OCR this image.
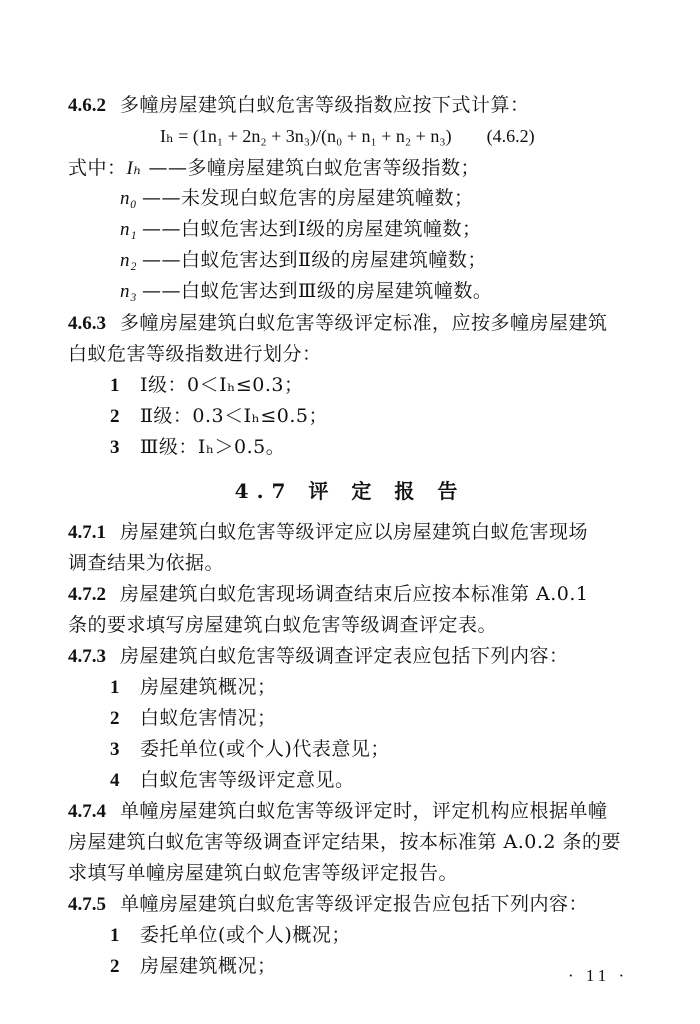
4.6.2 多幢房屋建筑白蚁危害等级指数应按下式计算：
Iₕ = (1n₁ + 2n₂ + 3n₃)/(n₀ + n₁ + n₂ + n₃) (4.6.2)
式中：Iₕ ——多幢房屋建筑白蚁危害等级指数；
n₀ ——未发现白蚁危害的房屋建筑幢数；
n₁ ——白蚁危害达到Ⅰ级的房屋建筑幢数；
n₂ ——白蚁危害达到Ⅱ级的房屋建筑幢数；
n₃ ——白蚁危害达到Ⅲ级的房屋建筑幢数。
4.6.3 多幢房屋建筑白蚁危害等级评定标准，应按多幢房屋建筑
白蚁危害等级指数进行划分：
1 Ⅰ级：0＜Iₕ≤0.3；
2 Ⅱ级：0.3＜Iₕ≤0.5；
3 Ⅲ级：Iₕ＞0.5。
4.7 评 定 报 告
4.7.1 房屋建筑白蚁危害等级评定应以房屋建筑白蚁危害现场
调查结果为依据。
4.7.2 房屋建筑白蚁危害现场调查结束后应按本标准第 A.0.1
条的要求填写房屋建筑白蚁危害等级调查评定表。
4.7.3 房屋建筑白蚁危害等级调查评定表应包括下列内容：
1 房屋建筑概况；
2 白蚁危害情况；
3 委托单位(或个人)代表意见；
4 白蚁危害等级评定意见。
4.7.4 单幢房屋建筑白蚁危害等级评定时，评定机构应根据单幢
房屋建筑白蚁危害等级调查评定结果，按本标准第 A.0.2 条的要
求填写单幢房屋建筑白蚁危害等级评定报告。
4.7.5 单幢房屋建筑白蚁危害等级评定报告应包括下列内容：
1 委托单位(或个人)概况；
2 房屋建筑概况；	· 11 ·
